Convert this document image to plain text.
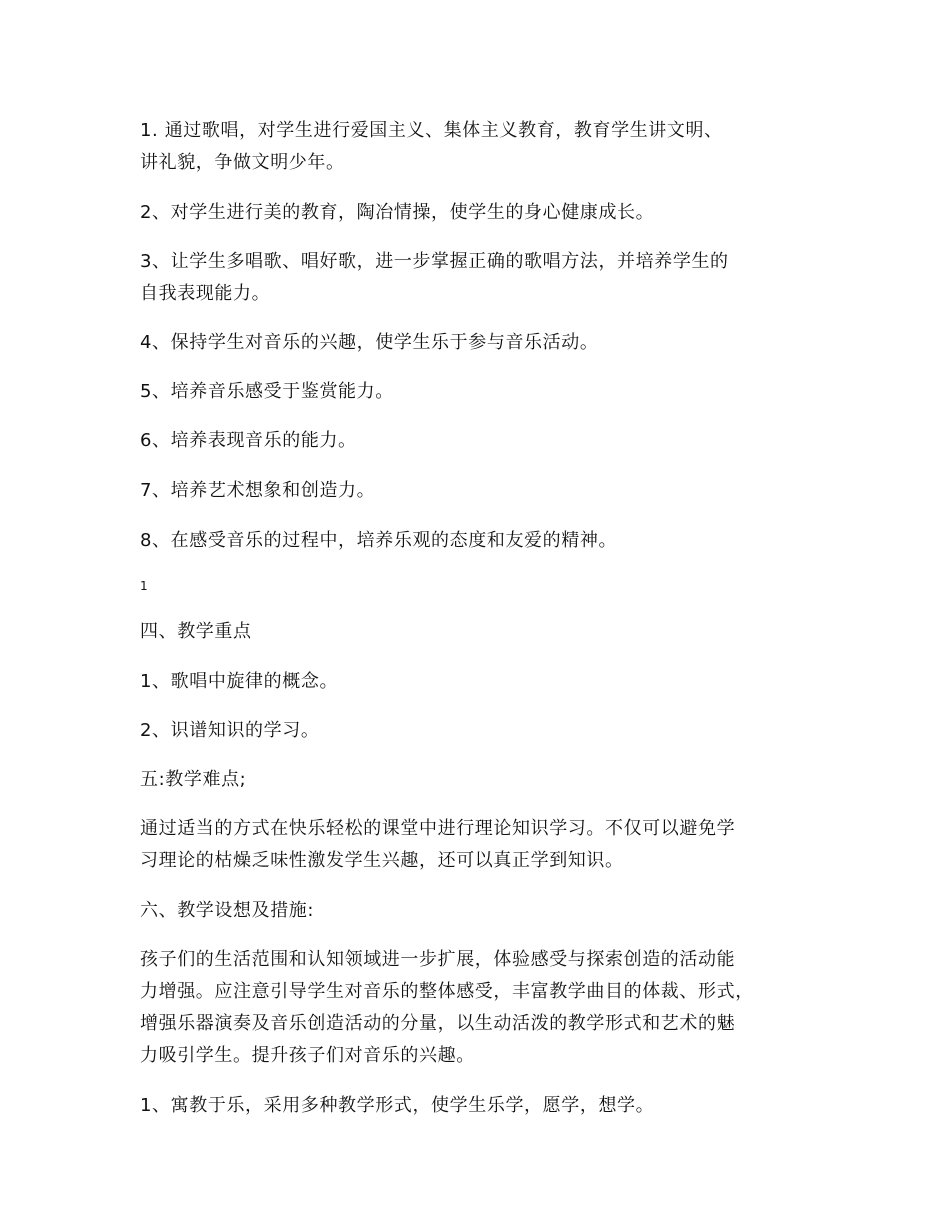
1. 通过歌唱，对学生进行爱国主义、集体主义教育，教育学生讲文明、
讲礼貌，争做文明少年。

2、对学生进行美的教育，陶冶情操，使学生的身心健康成长。

3、让学生多唱歌、唱好歌，进一步掌握正确的歌唱方法，并培养学生的
自我表现能力。

4、保持学生对音乐的兴趣，使学生乐于参与音乐活动。

5、培养音乐感受于鉴赏能力。

6、培养表现音乐的能力。

7、培养艺术想象和创造力。

8、在感受音乐的过程中，培养乐观的态度和友爱的精神。

1

四、教学重点

1、歌唱中旋律的概念。

2、识谱知识的学习。

五:教学难点;

通过适当的方式在快乐轻松的课堂中进行理论知识学习。不仅可以避免学
习理论的枯燥乏味性激发学生兴趣，还可以真正学到知识。

六、教学设想及措施:

孩子们的生活范围和认知领域进一步扩展，体验感受与探索创造的活动能
力增强。应注意引导学生对音乐的整体感受，丰富教学曲目的体裁、形式，
增强乐器演奏及音乐创造活动的分量，以生动活泼的教学形式和艺术的魅
力吸引学生。提升孩子们对音乐的兴趣。

1、寓教于乐，采用多种教学形式，使学生乐学，愿学，想学。
